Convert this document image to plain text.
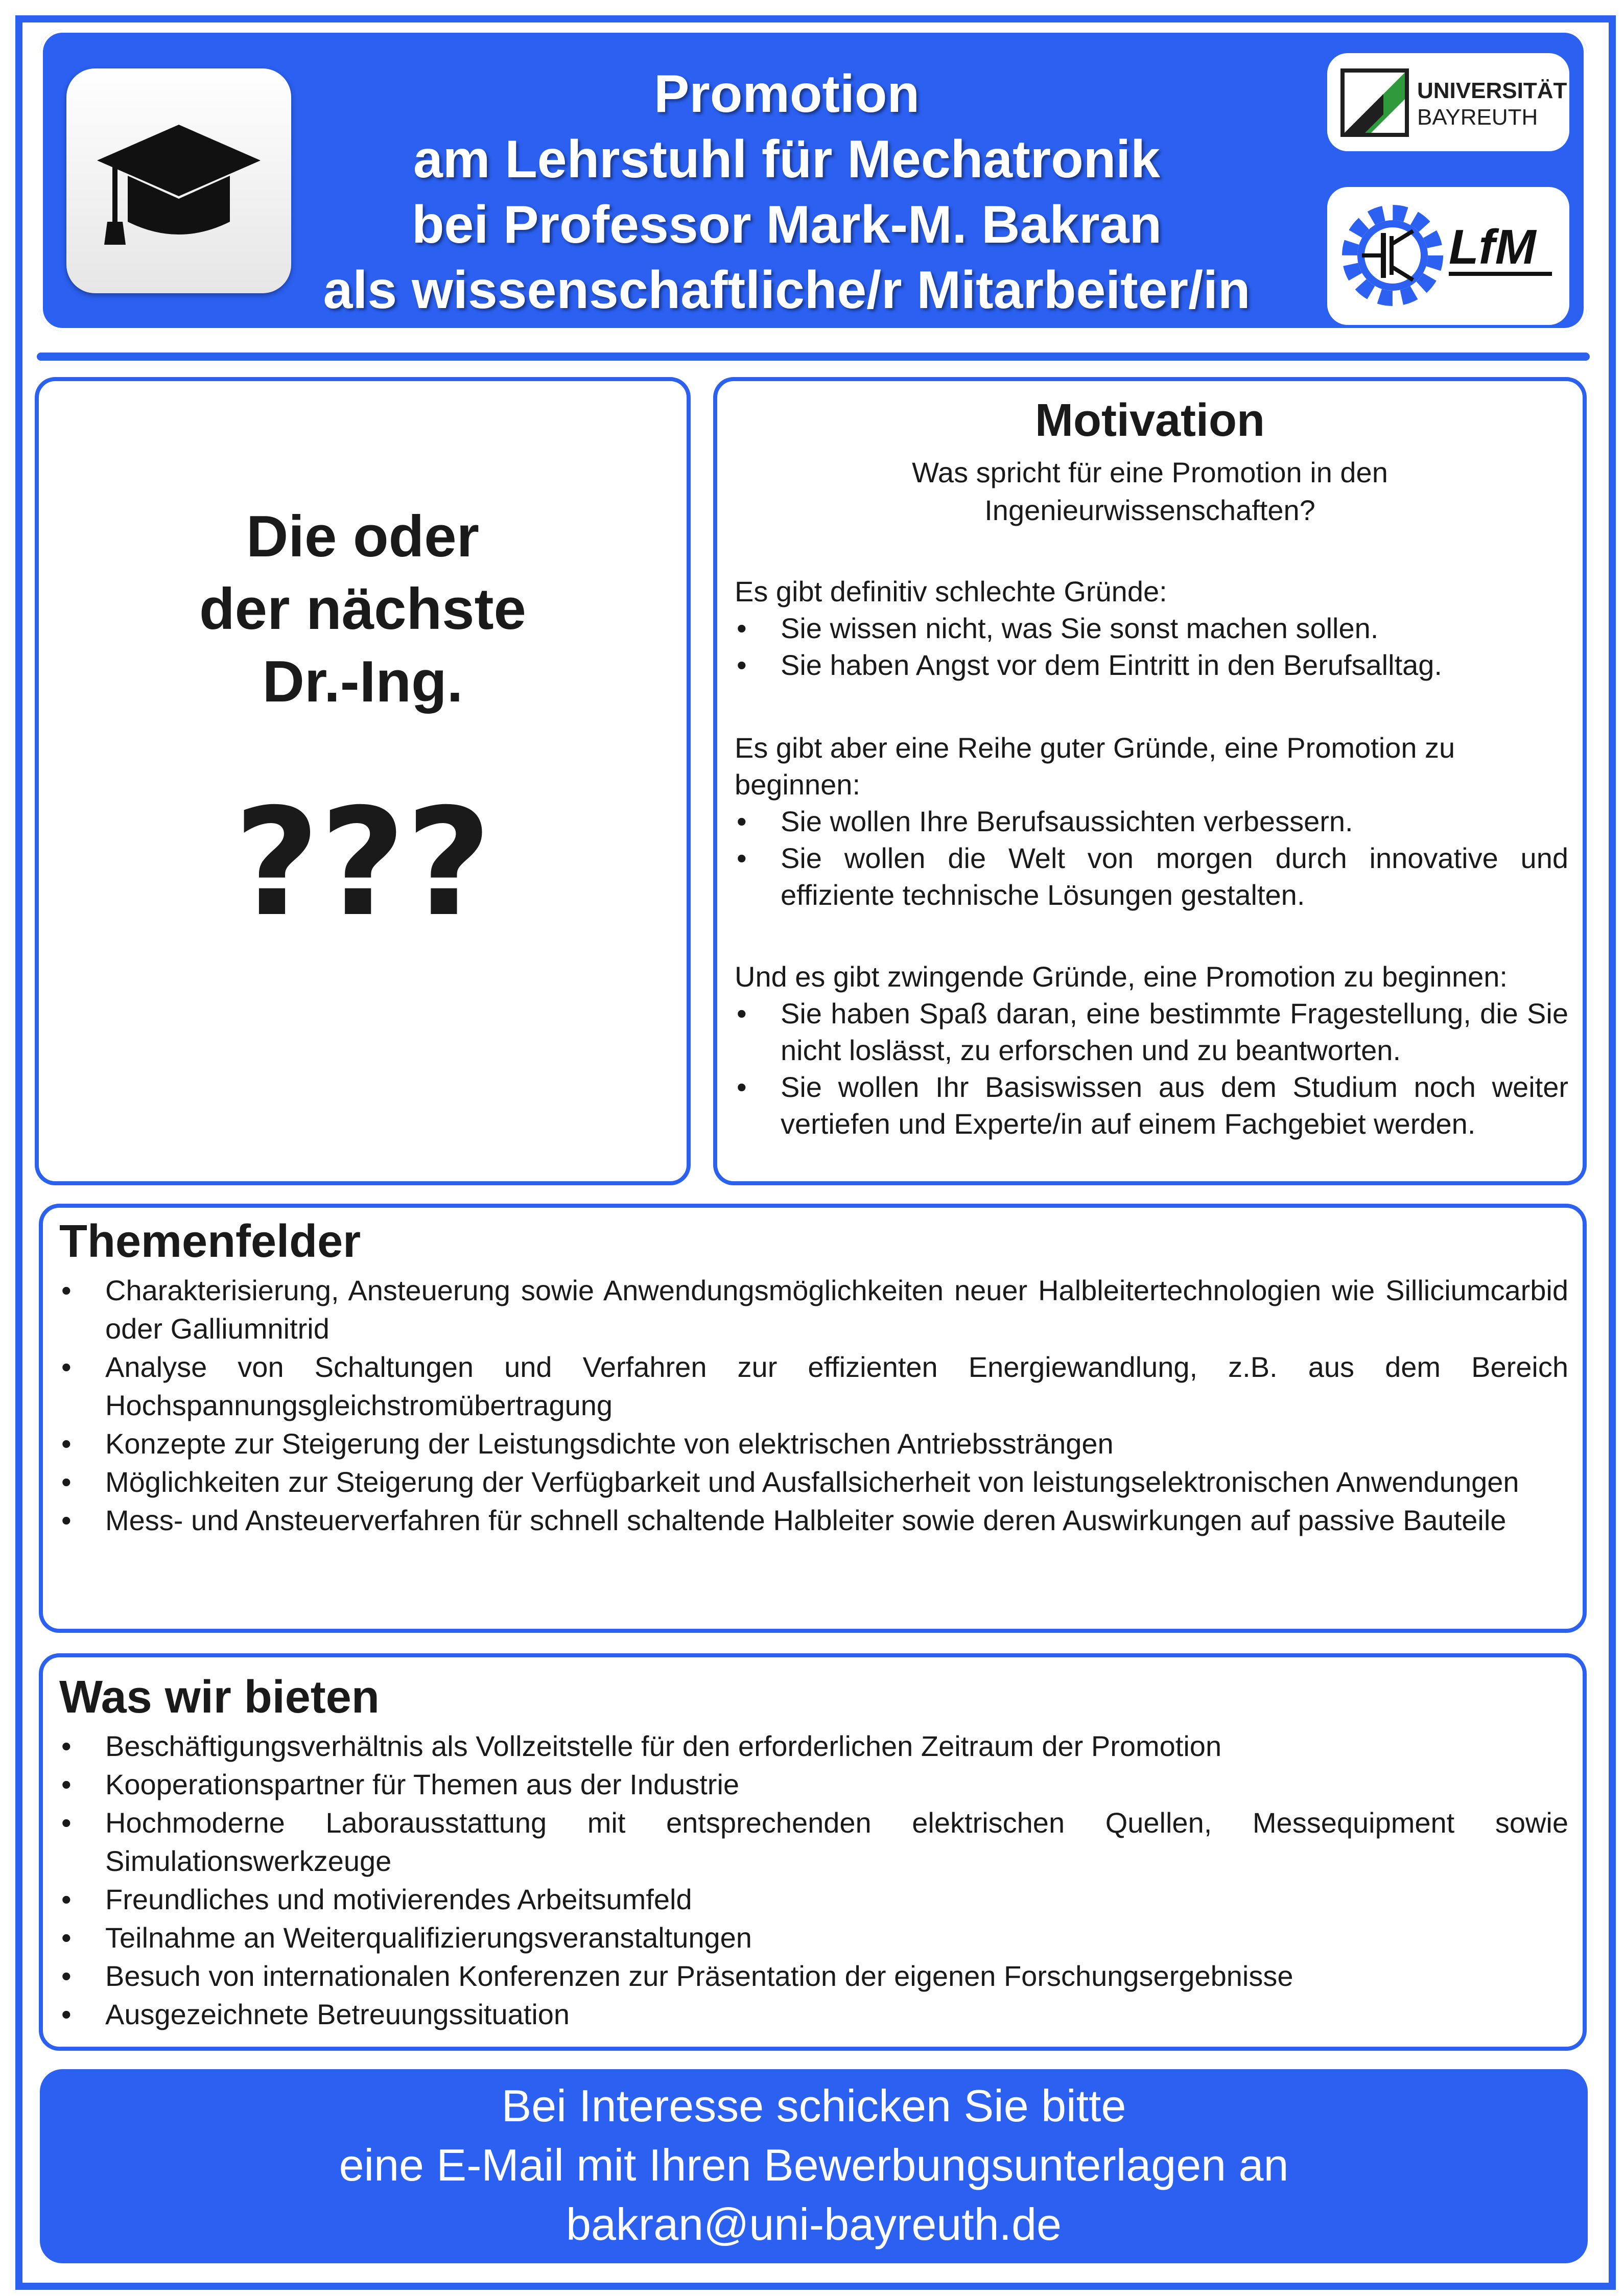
Promotion
am Lehrstuhl für Mechatronik
bei Professor Mark-M. Bakran
als wissenschaftliche/r Mitarbeiter/in
UNIVERSITÄT
BAYREUTH
LfM
Die oder
der nächste
Dr.-Ing.
???
Motivation
Was spricht für eine Promotion in den
Ingenieurwissenschaften?

Es gibt definitiv schlechte Gründe:

• Sie wissen nicht, was Sie sonst machen sollen.
• Sie haben Angst vor dem Eintritt in den Berufsalltag.

Es gibt aber eine Reihe guter Gründe, eine Promotion zu beginnen:

• Sie wollen Ihre Berufsaussichten verbessern.
• Sie wollen die Welt von morgen durch innovative und effiziente technische Lösungen gestalten.

Und es gibt zwingende Gründe, eine Promotion zu beginnen:

• Sie haben Spaß daran, eine bestimmte Fragestellung, die Sie nicht loslässt, zu erforschen und zu beantworten.
• Sie wollen Ihr Basiswissen aus dem Studium noch weiter vertiefen und Experte/in auf einem Fachgebiet werden.
Themenfelder
• Charakterisierung, Ansteuerung sowie Anwendungsmöglichkeiten neuer Halbleitertechnologien wie Silliciumcarbid oder Galliumnitrid
• Analyse von Schaltungen und Verfahren zur effizienten Energiewandlung, z.B. aus dem Bereich Hochspannungsgleichstromübertragung
• Konzepte zur Steigerung der Leistungsdichte von elektrischen Antriebssträngen
• Möglichkeiten zur Steigerung der Verfügbarkeit und Ausfallsicherheit von leistungselektronischen Anwendungen
• Mess- und Ansteuerverfahren für schnell schaltende Halbleiter sowie deren Auswirkungen auf passive Bauteile
Was wir bieten
• Beschäftigungsverhältnis als Vollzeitstelle für den erforderlichen Zeitraum der Promotion
• Kooperationspartner für Themen aus der Industrie
• Hochmoderne Laborausstattung mit entsprechenden elektrischen Quellen, Messequipment sowie Simulationswerkzeuge
• Freundliches und motivierendes Arbeitsumfeld
• Teilnahme an Weiterqualifizierungsveranstaltungen
• Besuch von internationalen Konferenzen zur Präsentation der eigenen Forschungsergebnisse
• Ausgezeichnete Betreuungssituation
Bei Interesse schicken Sie bitte
eine E-Mail mit Ihren Bewerbungsunterlagen an
bakran@uni-bayreuth.de
